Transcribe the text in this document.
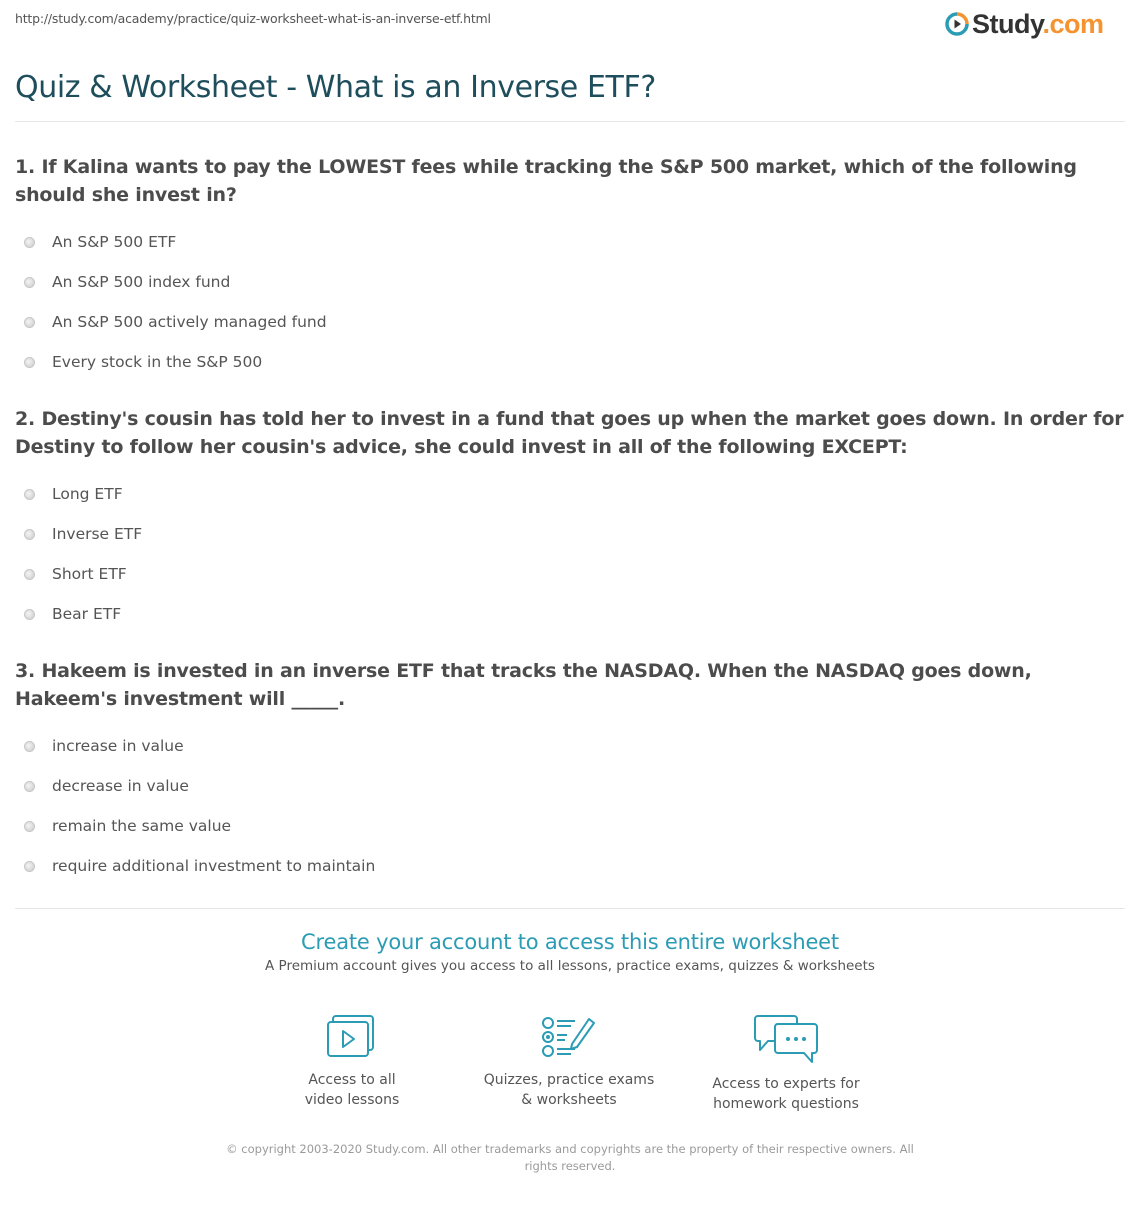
http://study.com/academy/practice/quiz-worksheet-what-is-an-inverse-etf.html	Study.com
Quiz & Worksheet - What is an Inverse ETF?

1. If Kalina wants to pay the LOWEST fees while tracking the S&P 500 market, which of the following should she invest in?

An S&P 500 ETF
An S&P 500 index fund
An S&P 500 actively managed fund
Every stock in the S&P 500

2. Destiny's cousin has told her to invest in a fund that goes up when the market goes down. In order for Destiny to follow her cousin's advice, she could invest in all of the following EXCEPT:

Long ETF
Inverse ETF
Short ETF
Bear ETF

3. Hakeem is invested in an inverse ETF that tracks the NASDAQ. When the NASDAQ goes down, Hakeem's investment will _____.

increase in value
decrease in value
remain the same value
require additional investment to maintain
Create your account to access this entire worksheet
A Premium account gives you access to all lessons, practice exams, quizzes & worksheets
Access to all
video lessons
Quizzes, practice exams
& worksheets
Access to experts for
homework questions
© copyright 2003-2020 Study.com. All other trademarks and copyrights are the property of their respective owners. All rights reserved.
